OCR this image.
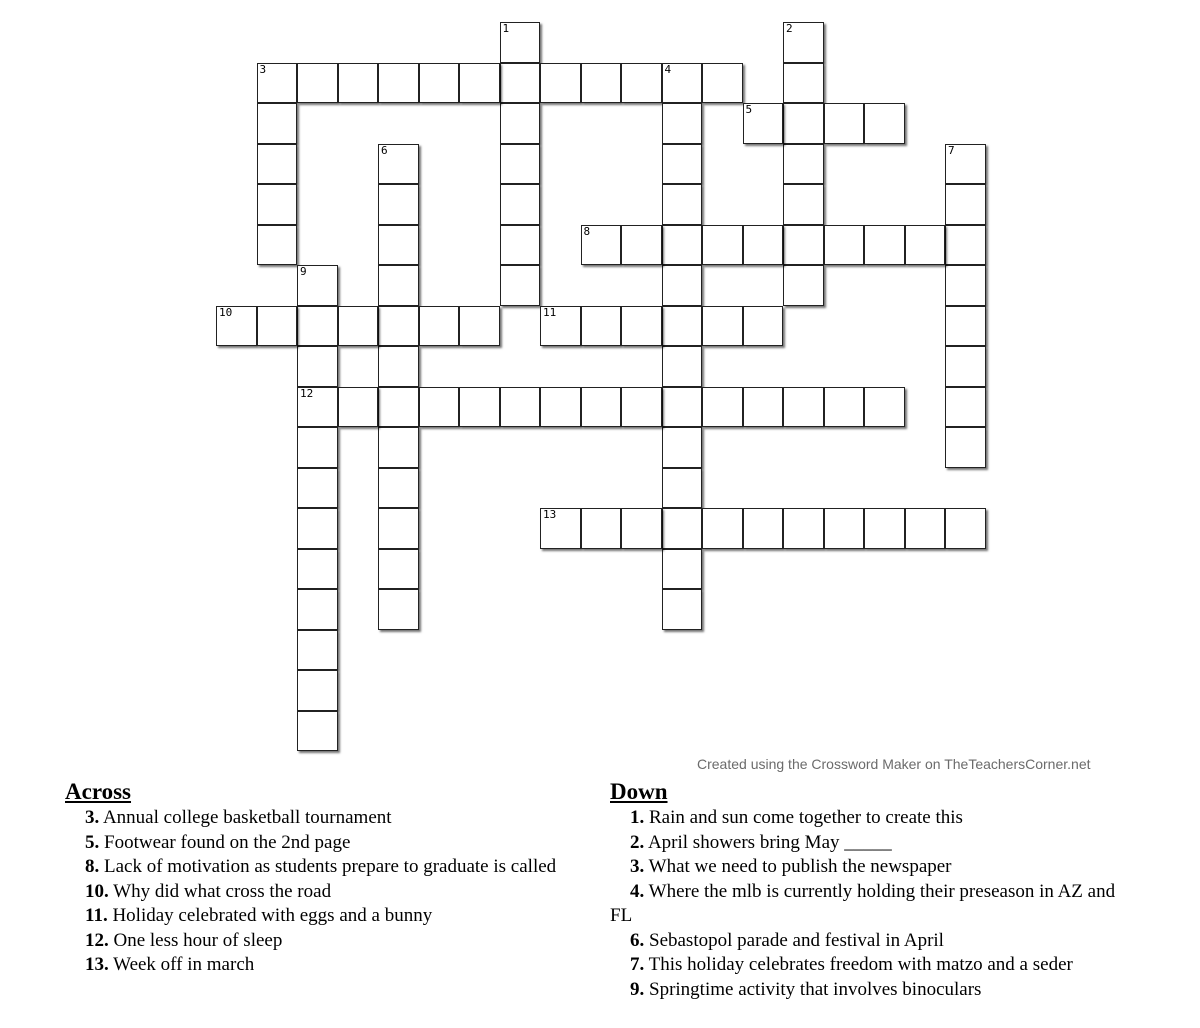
1	2
3	4
5
6	7
8
9
12
10	11
13
Created using the Crossword Maker on TheTeachersCorner.net
Across
3. Annual college basketball tournament
5. Footwear found on the 2nd page
8. Lack of motivation as students prepare to graduate is called
10. Why did what cross the road
11. Holiday celebrated with eggs and a bunny
12. One less hour of sleep
13. Week off in march
Down
1. Rain and sun come together to create this
2. April showers bring May _____
3. What we need to publish the newspaper
4. Where the mlb is currently holding their preseason in AZ and FL
6. Sebastopol parade and festival in April
7. This holiday celebrates freedom with matzo and a seder
9. Springtime activity that involves binoculars
